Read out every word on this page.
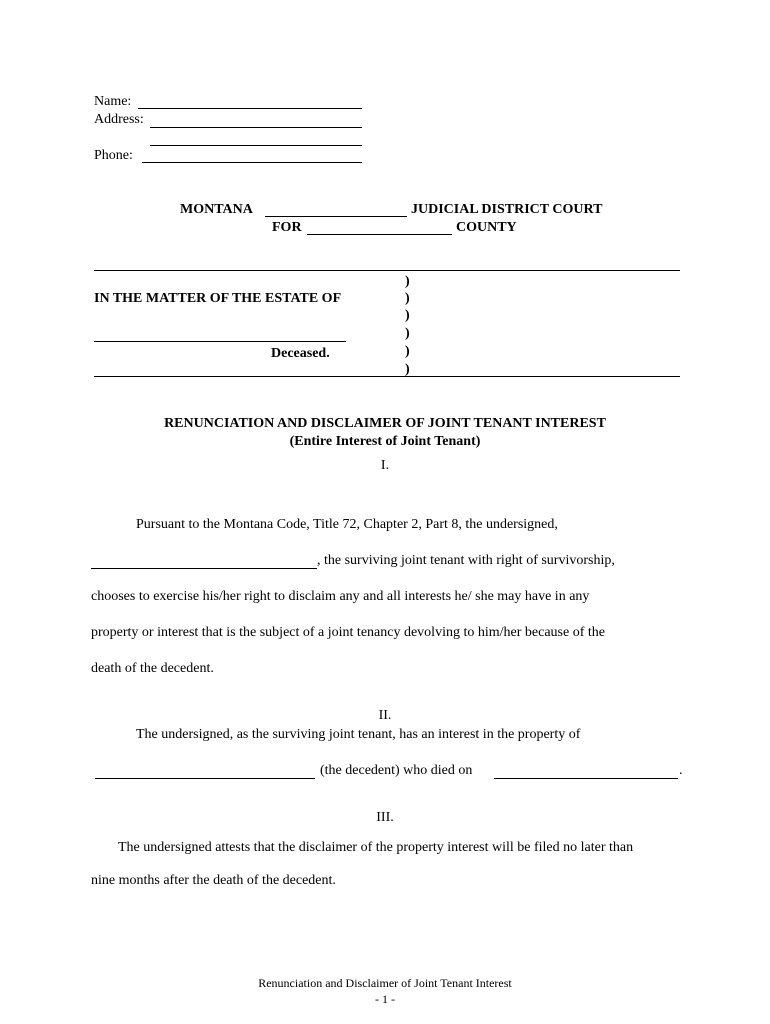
Name:
Address:
Phone:
MONTANA	JUDICIAL DISTRICT COURT
FOR	COUNTY
IN THE MATTER OF THE ESTATE OF
Deceased.
)
)
)
)
)
)
RENUNCIATION AND DISCLAIMER OF JOINT TENANT INTEREST
(Entire Interest of Joint Tenant)
I.
Pursuant to the Montana Code, Title 72, Chapter 2, Part 8, the undersigned,
, the surviving joint tenant with right of survivorship,
chooses to exercise his/her right to disclaim any and all interests he/ she may have in any
property or interest that is the subject of a joint tenancy devolving to him/her because of the
death of the decedent.
II.
The undersigned, as the surviving joint tenant, has an interest in the property of
(the decedent) who died on	.
III.
The undersigned attests that the disclaimer of the property interest will be filed no later than
nine months after the death of the decedent.
Renunciation and Disclaimer of Joint Tenant Interest
- 1 -
